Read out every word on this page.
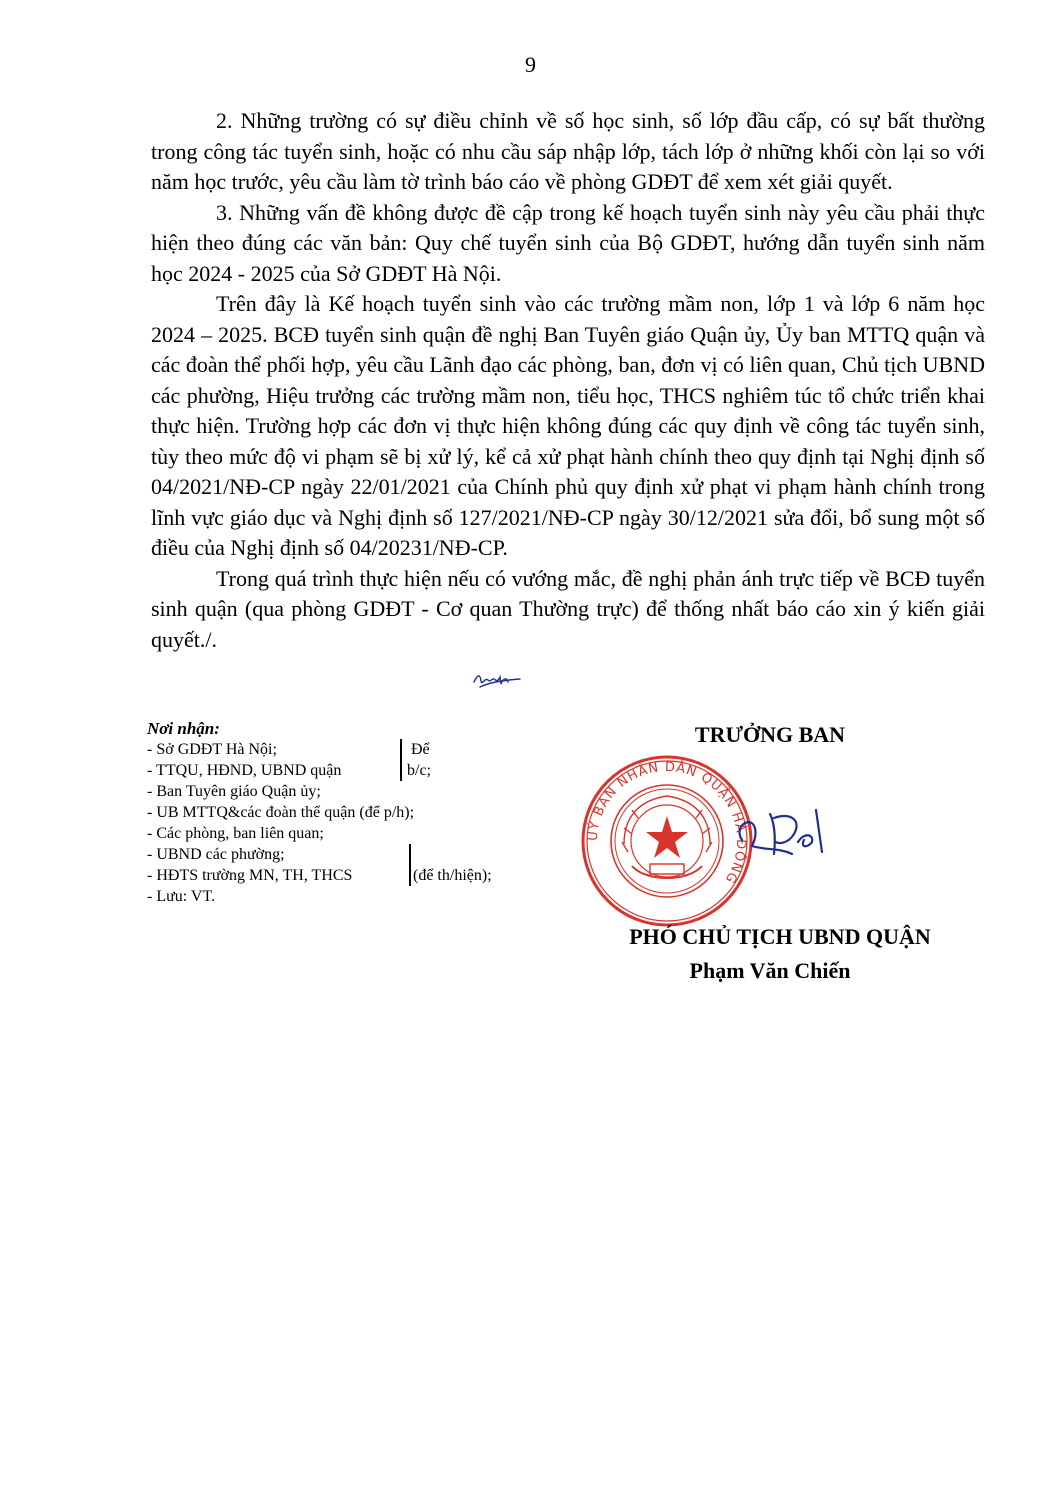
9

2. Những trường có sự điều chỉnh về số học sinh, số lớp đầu cấp, có sự bất thường trong công tác tuyển sinh, hoặc có nhu cầu sáp nhập lớp, tách lớp ở những khối còn lại so với năm học trước, yêu cầu làm tờ trình báo cáo về phòng GDĐT để xem xét giải quyết.

3. Những vấn đề không được đề cập trong kế hoạch tuyển sinh này yêu cầu phải thực hiện theo đúng các văn bản: Quy chế tuyển sinh của Bộ GDĐT, hướng dẫn tuyển sinh năm học 2024 - 2025 của Sở GDĐT Hà Nội.

Trên đây là Kế hoạch tuyển sinh vào các trường mầm non, lớp 1 và lớp 6 năm học 2024 – 2025. BCĐ tuyển sinh quận đề nghị Ban Tuyên giáo Quận ủy, Ủy ban MTTQ quận và các đoàn thể phối hợp, yêu cầu Lãnh đạo các phòng, ban, đơn vị có liên quan, Chủ tịch UBND các phường, Hiệu trưởng các trường mầm non, tiểu học, THCS nghiêm túc tổ chức triển khai thực hiện. Trường hợp các đơn vị thực hiện không đúng các quy định về công tác tuyển sinh, tùy theo mức độ vi phạm sẽ bị xử lý, kể cả xử phạt hành chính theo quy định tại Nghị định số 04/2021/NĐ-CP ngày 22/01/2021 của Chính phủ quy định xử phạt vi phạm hành chính trong lĩnh vực giáo dục và Nghị định số 127/2021/NĐ-CP ngày 30/12/2021 sửa đổi, bổ sung một số điều của Nghị định số 04/20231/NĐ-CP.

Trong quá trình thực hiện nếu có vướng mắc, đề nghị phản ánh trực tiếp về BCĐ tuyển sinh quận (qua phòng GDĐT - Cơ quan Thường trực) để thống nhất báo cáo xin ý kiến giải quyết./.

Nơi nhận:
- Sở GDĐT Hà Nội;
- TTQU, HĐND, UBND quận
- Ban Tuyên giáo Quận ủy;
- UB MTTQ&các đoàn thể quận (để p/h);
- Các phòng, ban liên quan;
- UBND các phường;
- HĐTS trường MN, TH, THCS
- Lưu: VT.
Để
b/c;
(để th/hiện);
UỶ BAN NHÂN DÂN QUẬN HÀ ĐÔNG
TRƯỞNG BAN
PHÓ CHỦ TỊCH UBND QUẬN
Phạm Văn Chiến
